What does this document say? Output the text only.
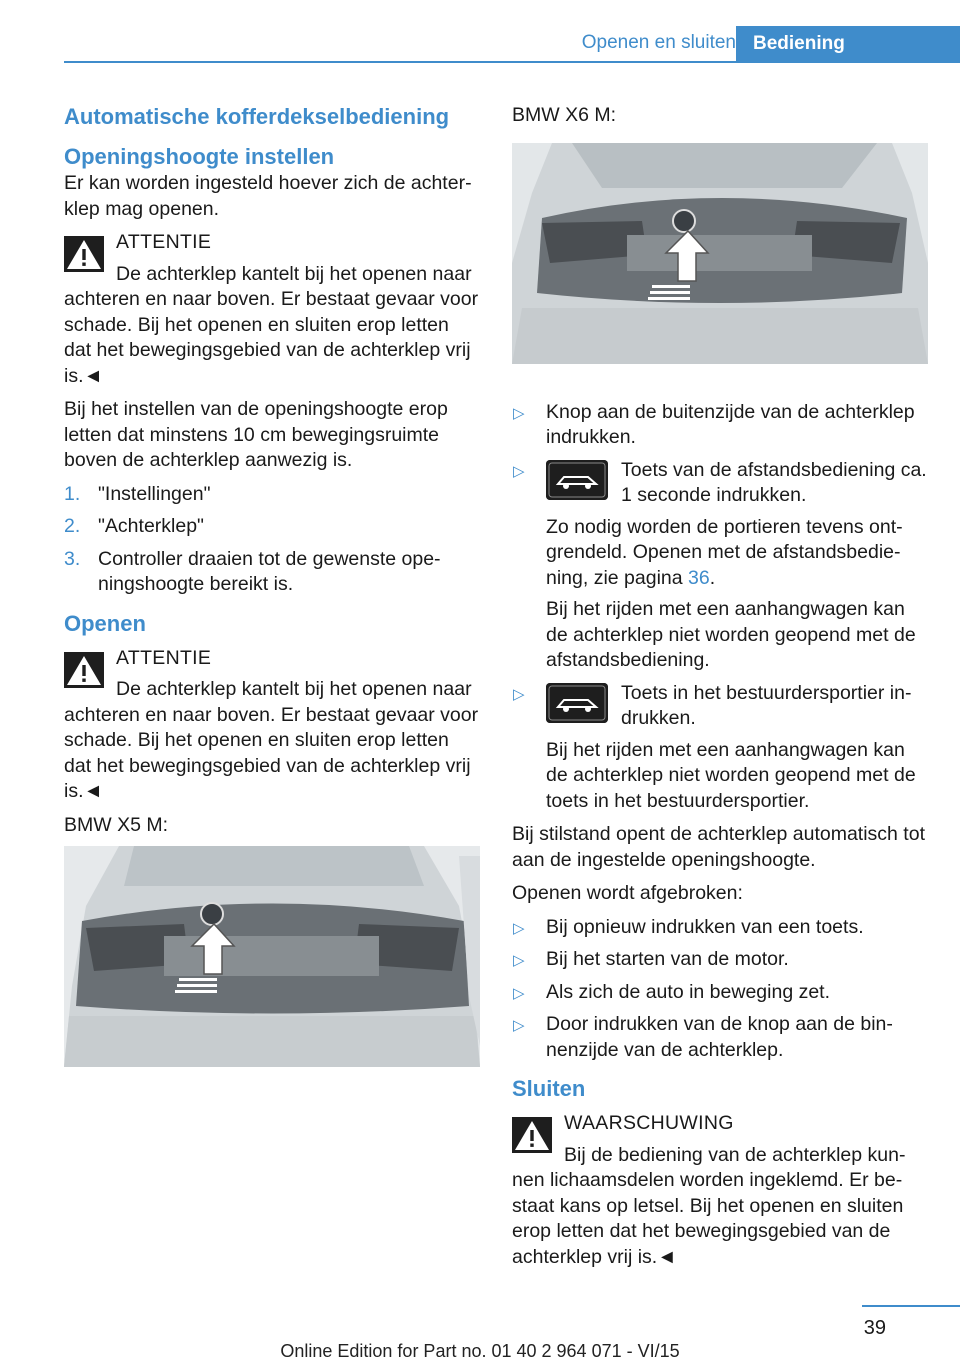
Openen en sluiten Bediening
Automatische kofferdekselbediening
Openingshoogte instellen

Er kan worden ingesteld hoever zich de achter-klep mag openen.

ATTENTIE
De achterklep kantelt bij het openen naar achteren en naar boven. Er bestaat gevaar voor schade. Bij het openen en sluiten erop letten dat het bewegingsgebied van de achterklep vrij is.◄

Bij het instellen van de openingshoogte erop letten dat minstens 10 cm bewegingsruimte boven de achterklep aanwezig is.

1. "Instellingen"
2. "Achterklep"
3. Controller draaien tot de gewenste ope-ningshoogte bereikt is.
Openen
ATTENTIE
De achterklep kantelt bij het openen naar achteren en naar boven. Er bestaat gevaar voor schade. Bij het openen en sluiten erop letten dat het bewegingsgebied van de achterklep vrij is.◄

BMW X5 M:

BMW X6 M:

▷ Knop aan de buitenzijde van de achterklep indrukken.
▷	Toets van de afstandsbediening ca. 1 seconde indrukken.
Zo nodig worden de portieren tevens ont-grendeld. Openen met de afstandsbedie-ning, zie pagina 36.
Bij het rijden met een aanhangwagen kan de achterklep niet worden geopend met de afstandsbediening.
▷	Toets in het bestuurdersportier in-drukken.
Bij het rijden met een aanhangwagen kan de achterklep niet worden geopend met de toets in het bestuurdersportier.

Bij stilstand opent de achterklep automatisch tot aan de ingestelde openingshoogte.

Openen wordt afgebroken:

▷ Bij opnieuw indrukken van een toets.
▷ Bij het starten van de motor.
▷ Als zich de auto in beweging zet.
▷ Door indrukken van de knop aan de bin-nenzijde van de achterklep.
Sluiten
WAARSCHUWING
Bij de bediening van de achterklep kun-nen lichaamsdelen worden ingeklemd. Er be-staat kans op letsel. Bij het openen en sluiten erop letten dat het bewegingsgebied van de achterklep vrij is.◄
39
Online Edition for Part no. 01 40 2 964 071 - VI/15
